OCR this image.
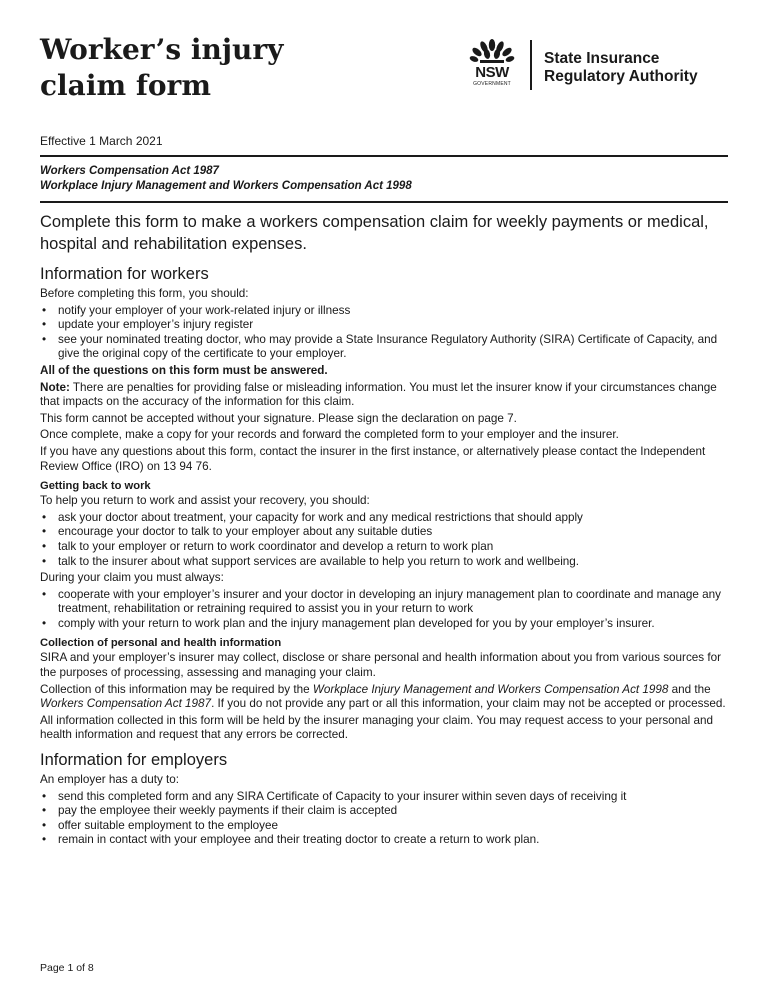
Worker’s injury
claim form	NSW
GOVERNMENT
State Insurance
Regulatory Authority
Effective 1 March 2021
Workers Compensation Act 1987
Workplace Injury Management and Workers Compensation Act 1998

Complete this form to make a workers compensation claim for weekly payments or medical, hospital and rehabilitation expenses.

Information for workers

Before completing this form, you should:

• notify your employer of your work-related injury or illness
• update your employer’s injury register
• see your nominated treating doctor, who may provide a State Insurance Regulatory Authority (SIRA) Certificate of Capacity, and give the original copy of the certificate to your employer.

All of the questions on this form must be answered.

Note: There are penalties for providing false or misleading information. You must let the insurer know if your circumstances change that impacts on the accuracy of the information for this claim.

This form cannot be accepted without your signature. Please sign the declaration on page 7.

Once complete, make a copy for your records and forward the completed form to your employer and the insurer.

If you have any questions about this form, contact the insurer in the first instance, or alternatively please contact the Independent Review Office (IRO) on 13 94 76.

Getting back to work

To help you return to work and assist your recovery, you should:

• ask your doctor about treatment, your capacity for work and any medical restrictions that should apply
• encourage your doctor to talk to your employer about any suitable duties
• talk to your employer or return to work coordinator and develop a return to work plan
• talk to the insurer about what support services are available to help you return to work and wellbeing.

During your claim you must always:

• cooperate with your employer’s insurer and your doctor in developing an injury management plan to coordinate and manage any treatment, rehabilitation or retraining required to assist you in your return to work
• comply with your return to work plan and the injury management plan developed for you by your employer’s insurer.
Collection of personal and health information

SIRA and your employer’s insurer may collect, disclose or share personal and health information about you from various sources for the purposes of processing, assessing and managing your claim.

Collection of this information may be required by the Workplace Injury Management and Workers Compensation Act 1998 and the Workers Compensation Act 1987. If you do not provide any part or all this information, your claim may not be accepted or processed.

All information collected in this form will be held by the insurer managing your claim. You may request access to your personal and health information and request that any errors be corrected.

Information for employers

An employer has a duty to:

• send this completed form and any SIRA Certificate of Capacity to your insurer within seven days of receiving it
• pay the employee their weekly payments if their claim is accepted
• offer suitable employment to the employee
• remain in contact with your employee and their treating doctor to create a return to work plan.
Page 1 of 8
